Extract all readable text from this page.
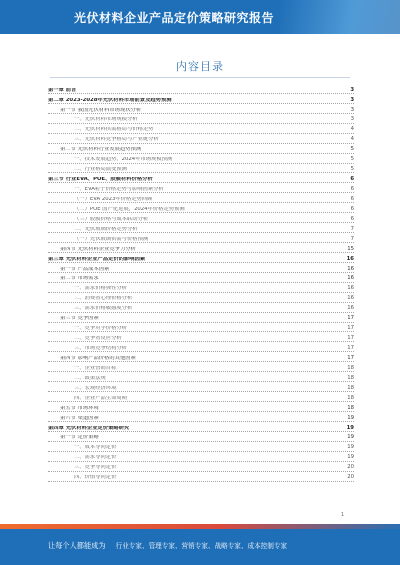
光伏材料企业产品定价策略研究报告
内容目录
第一章 前言	3
第二章 2023-2028年光伏材料市场前景及趋势预测	3
第一节 我国光伏材料市场现状分析	3
一、光伏材料市场规模分析	3
二、光伏材料供需格局与价格走势	4
三、光伏材料竞争格局与产业链分析	4
第二节 光伏材料行业发展趋势预测	5
一、技术发展趋势，2024年市场规模预测	5
二、行业格局演变预测	5
第三节 行业EVA、POE、胶膜材料价格分析	6
一、EVA粒子价格走势与影响因素分析	6
（一）EVA 2023年价格走势回顾	6
（二）POE 国产化进展，2024年价格走势预测	6
（三）胶膜价格与成本联动分析	6
二、光伏玻璃价格走势分析	7
（一）光伏玻璃供需与价格预测	7
第四节 光伏材料企业竞争力分析	15
第三章 光伏材料企业产品定价的影响因素	16
第一节 产品成本因素	16
第二节 市场需求	16
一、需求价格弹性分析	16
二、消费者心理价格分析	16
三、需求价格敏感度分析	16
第三节 竞争因素	17
一、竞争对手价格分析	17
二、竞争者反应分析	17
三、市场竞争结构分析	17
第四节 影响产品价格的其他因素	17
一、企业营销目标	18
二、政策法规	18
三、宏观经济环境	18
四、企业产品生命周期	18
第五节 市场环境	18
第六节 渠道因素	19
第四章 光伏材料企业定价策略研究	19
第一节 定价策略	19
一、成本导向定价	19
二、需求导向定价	19
三、竞争导向定价	20
四、价值导向定价	20
1
让每个人都能成为 行业专家、管理专家、营销专家、战略专家、成本控制专家
